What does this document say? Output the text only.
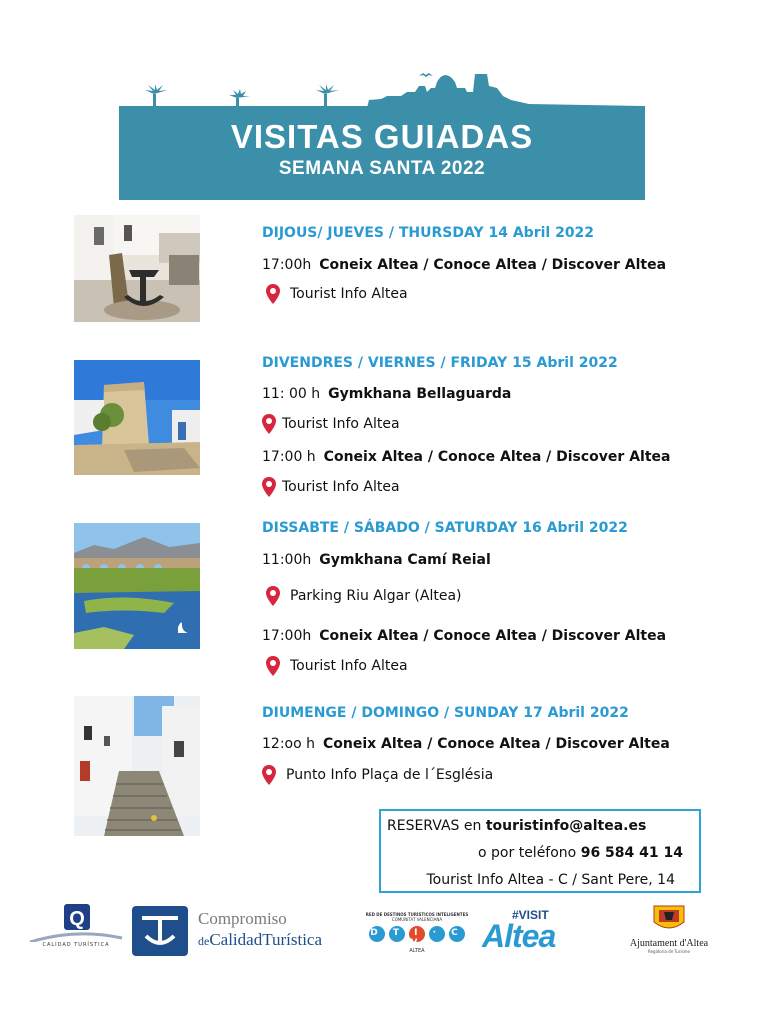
VISITAS GUIADAS
SEMANA SANTA 2022
DIJOUS/ JUEVES / THURSDAY 14 Abril 2022
17:00h Coneix Altea / Conoce Altea / Discover Altea
Tourist Info Altea
DIVENDRES / VIERNES / FRIDAY 15 Abril 2022
11: 00 h Gymkhana Bellaguarda
Tourist Info Altea
17:00 h Coneix Altea / Conoce Altea / Discover Altea
Tourist Info Altea
DISSABTE / SÁBADO / SATURDAY 16 Abril 2022
11:00h Gymkhana Camí Reial
Parking Riu Algar (Altea)
17:00h Coneix Altea / Conoce Altea / Discover Altea
Tourist Info Altea
DIUMENGE / DOMINGO / SUNDAY 17 Abril 2022
12:oo h Coneix Altea / Conoce Altea / Discover Altea
Punto Info Plaça de l´Església
RESERVAS en touristinfo@altea.es
o por teléfono 96 584 41 14
Tourist Info Altea - C / Sant Pere, 14
Q
CALIDAD TURÍSTICA
Compromiso
deCalidadTurística
RED DE DESTINOS TURÍSTICOS INTELIGENTES
COMUNITAT VALENCIANA
D T I · C V
ALTEA
#VISIT
Altea	Ajuntament d'Altea
Regidoria de Turisme
